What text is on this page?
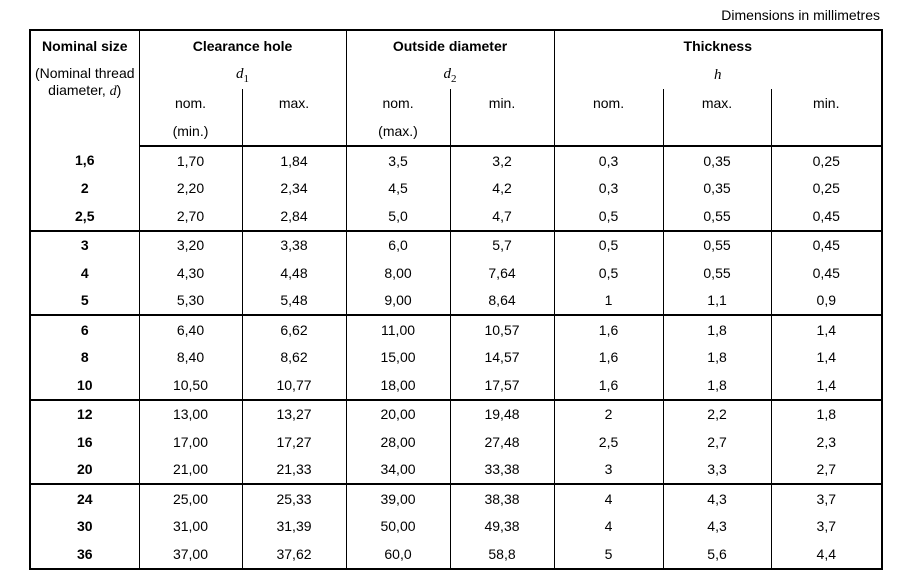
Dimensions in millimetres
Nominal size	Clearance hole		Outside diameter		Thickness		
(Nominal thread diameter, d)	$d_1$		$d_2$		h		
	nom.	max.	nom.	min.	nom.	max.	min.
	(min.)		(max.)				
1,6	1,70	1,84	3,5	3,2	0,3	0,35	0,25
2	2,20	2,34	4,5	4,2	0,3	0,35	0,25
2,5	2,70	2,84	5,0	4,7	0,5	0,55	0,45
3	3,20	3,38	6,0	5,7	0,5	0,55	0,45
4	4,30	4,48	8,00	7,64	0,5	0,55	0,45
5	5,30	5,48	9,00	8,64	1	1,1	0,9
6	6,40	6,62	11,00	10,57	1,6	1,8	1,4
8	8,40	8,62	15,00	14,57	1,6	1,8	1,4
10	10,50	10,77	18,00	17,57	1,6	1,8	1,4
12	13,00	13,27	20,00	19,48	2	2,2	1,8
16	17,00	17,27	28,00	27,48	2,5	2,7	2,3
20	21,00	21,33	34,00	33,38	3	3,3	2,7
24	25,00	25,33	39,00	38,38	4	4,3	3,7
30	31,00	31,39	50,00	49,38	4	4,3	3,7
36	37,00	37,62	60,0	58,8	5	5,6	4,4
